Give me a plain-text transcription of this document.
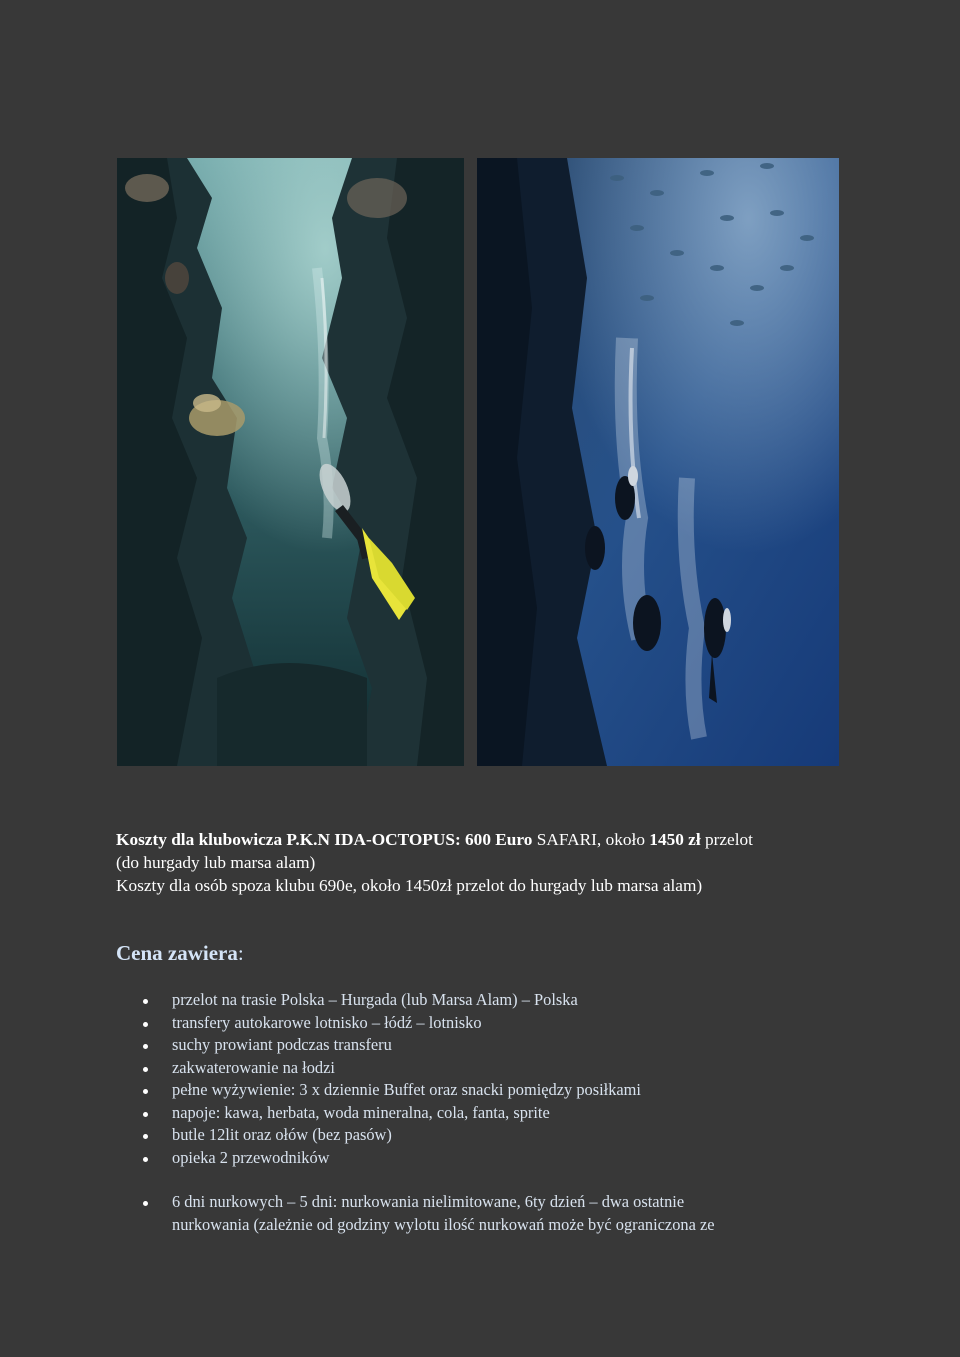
Koszty dla klubowicza P.K.N IDA-OCTOPUS: 600 Euro SAFARI, około 1450 zł przelot
(do hurgady lub marsa alam)
Koszty dla osób spoza klubu 690e, około 1450zł przelot do hurgady lub marsa alam)
Cena zawiera:
przelot na trasie Polska – Hurgada (lub Marsa Alam) – Polska
transfery autokarowe lotnisko – łódź – lotnisko
suchy prowiant podczas transferu
zakwaterowanie na łodzi
pełne wyżywienie: 3 x dziennie Buffet oraz snacki pomiędzy posiłkami
napoje: kawa, herbata, woda mineralna, cola, fanta, sprite
butle 12lit oraz ołów (bez pasów)
opieka 2 przewodników
6 dni nurkowych – 5 dni: nurkowania nielimitowane, 6ty dzień – dwa ostatnie
nurkowania (zależnie od godziny wylotu ilość nurkowań może być ograniczona ze
